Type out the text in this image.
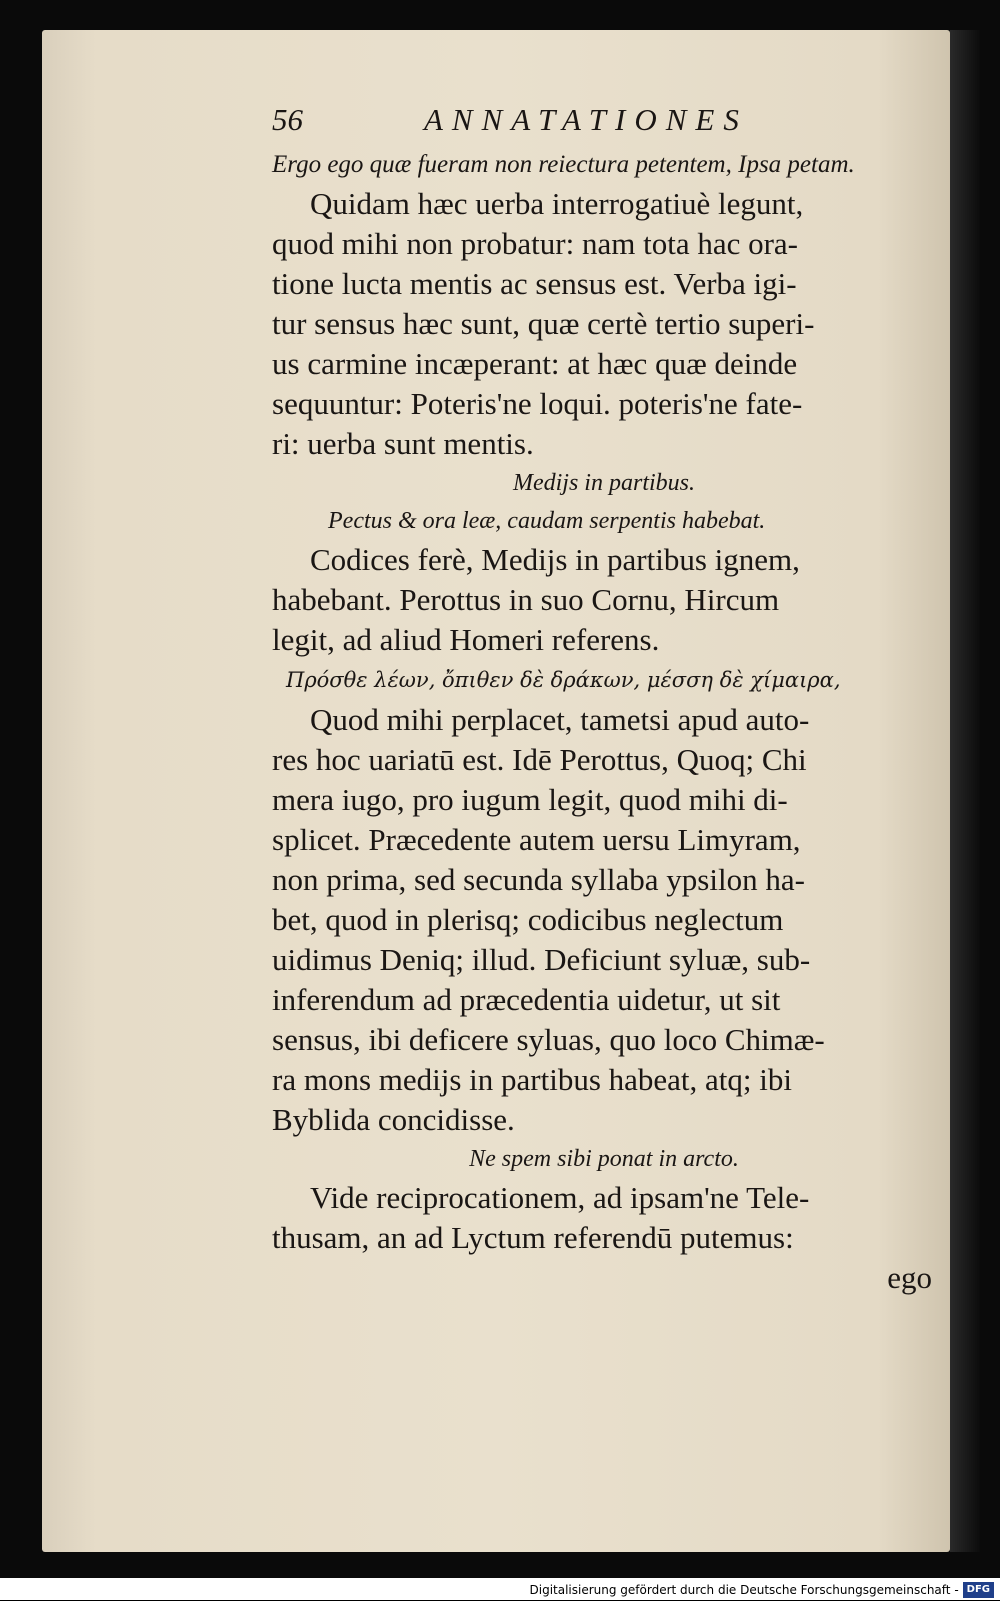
56	ANNATATIONES
Ergo ego quæ fueram non reiectura petentem, Ipsa petam.
Quidam hæc uerba interrogatiuè legunt,
quod mihi non probatur: nam tota hac ora-
tione lucta mentis ac sensus est. Verba igi-
tur sensus hæc sunt, quæ certè tertio superi-
us carmine incæperant: at hæc quæ deinde
sequuntur: Poteris'ne loqui. poteris'ne fate-
ri: uerba sunt mentis.
Medijs in partibus.
Pectus & ora leæ, caudam serpentis habebat.
Codices ferè, Medijs in partibus ignem,
habebant. Perottus in suo Cornu, Hircum
legit, ad aliud Homeri referens.
Πρόσθε λέων, ὄπιθεν δὲ δράκων, μέσση δὲ χίμαιρα,
Quod mihi perplacet, tametsi apud auto-
res hoc uariatū est. Idē Perottus, Quoq; Chi
mera iugo, pro iugum legit, quod mihi di-
splicet. Præcedente autem uersu Limyram,
non prima, sed secunda syllaba ypsilon ha-
bet, quod in plerisq; codicibus neglectum
uidimus Deniq; illud. Deficiunt syluæ, sub-
inferendum ad præcedentia uidetur, ut sit
sensus, ibi deficere syluas, quo loco Chimæ-
ra mons medijs in partibus habeat, atq; ibi
Byblida concidisse.
Ne spem sibi ponat in arcto.
Vide reciprocationem, ad ipsam'ne Tele-
thusam, an ad Lyctum referendū putemus:
ego
Digitalisierung gefördert durch die Deutsche Forschungsgemeinschaft - DFG
